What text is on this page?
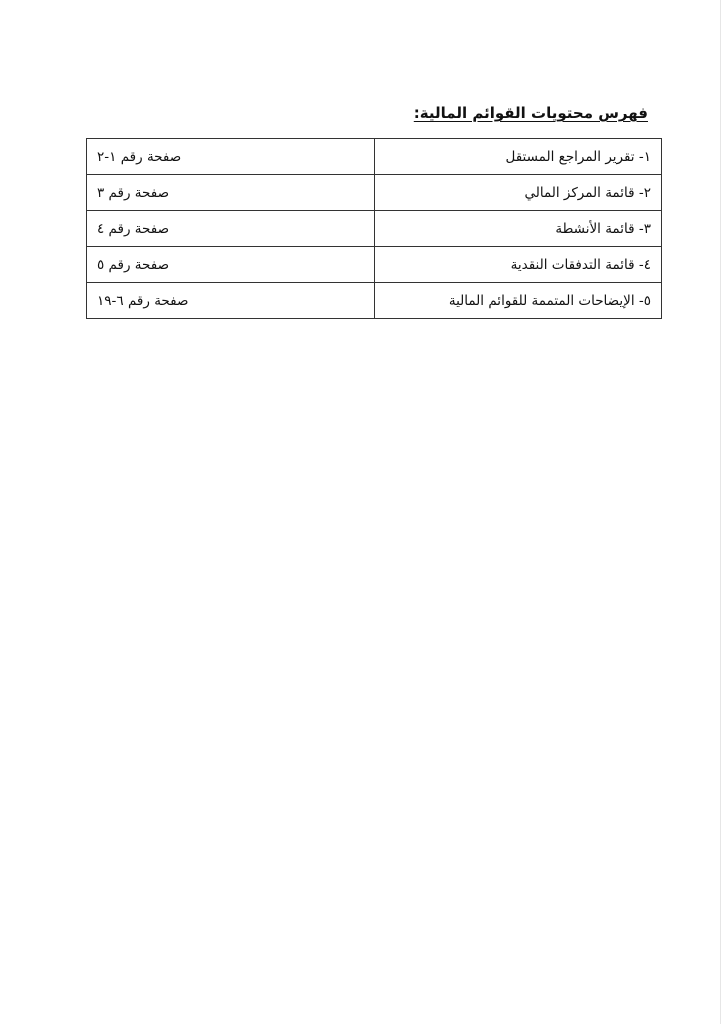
فهرس محتويات القوائم المالية:
١- تقرير المراجع المستقل	صفحة رقم ١-٢
٢- قائمة المركز المالي	صفحة رقم ٣
٣- قائمة الأنشطة	صفحة رقم ٤
٤- قائمة التدفقات النقدية	صفحة رقم ٥
٥- الإيضاحات المتممة للقوائم المالية	صفحة رقم ٦-١٩
